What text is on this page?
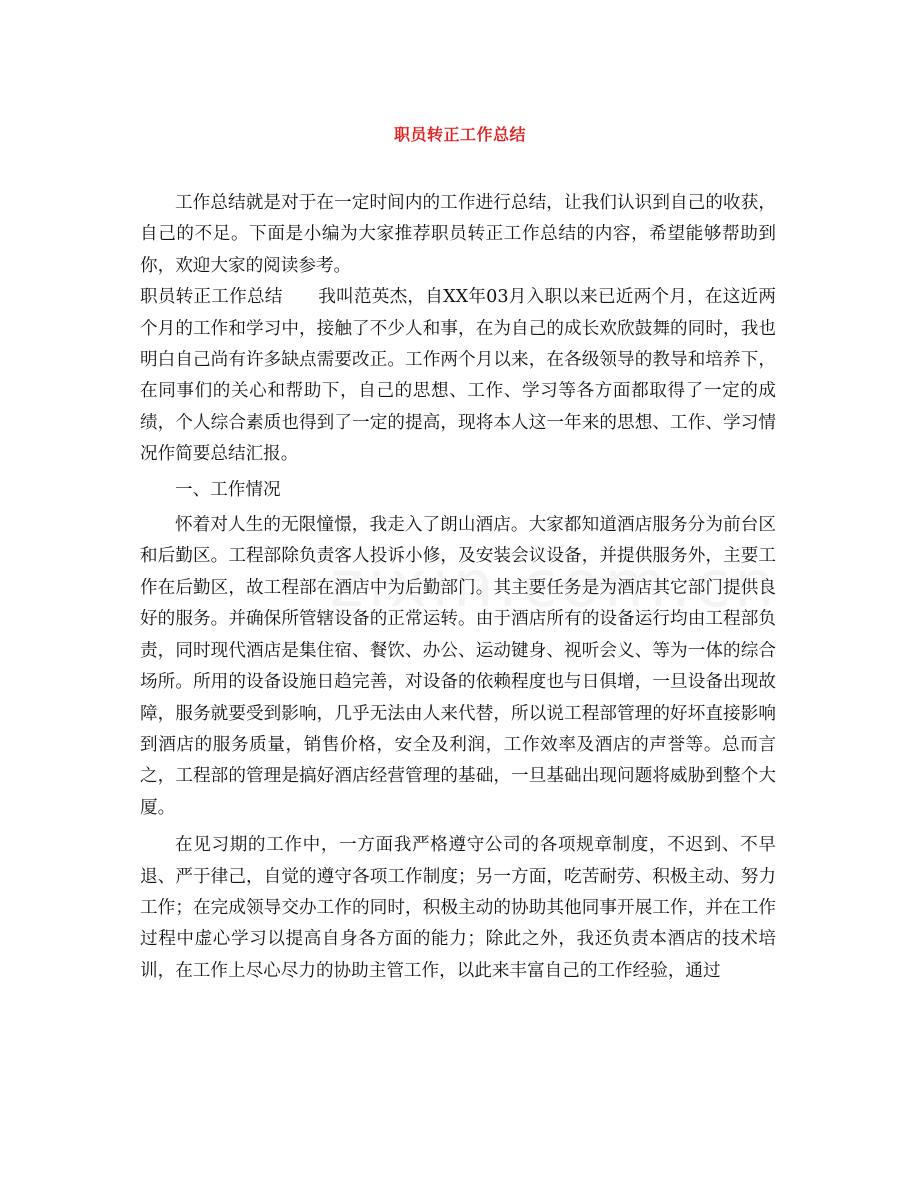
职员转正工作总结

工作总结就是对于在一定时间内的工作进行总结，让我们认识到自己的收获，自己的不足。下面是小编为大家推荐职员转正工作总结的内容，希望能够帮助到你，欢迎大家的阅读参考。

职员转正工作总结　　我叫范英杰，自XX年03月入职以来已近两个月，在这近两个月的工作和学习中，接触了不少人和事，在为自己的成长欢欣鼓舞的同时，我也明白自己尚有许多缺点需要改正。工作两个月以来，在各级领导的教导和培养下，在同事们的关心和帮助下，自己的思想、工作、学习等各方面都取得了一定的成绩，个人综合素质也得到了一定的提高，现将本人这一年来的思想、工作、学习情况作简要总结汇报。

一、工作情况

怀着对人生的无限憧憬，我走入了朗山酒店。大家都知道酒店服务分为前台区和后勤区。工程部除负责客人投诉小修，及安装会议设备，并提供服务外，主要工作在后勤区，故工程部在酒店中为后勤部门。其主要任务是为酒店其它部门提供良好的服务。并确保所管辖设备的正常运转。由于酒店所有的设备运行均由工程部负责，同时现代酒店是集住宿、餐饮、办公、运动键身、视听会义、等为一体的综合场所。所用的设备设施日趋完善，对设备的依赖程度也与日俱增，一旦设备出现故障，服务就要受到影响，几乎无法由人来代替，所以说工程部管理的好坏直接影响到酒店的服务质量，销售价格，安全及利润，工作效率及酒店的声誉等。总而言之，工程部的管理是搞好酒店经营管理的基础，一旦基础出现问题将威胁到整个大厦。

在见习期的工作中，一方面我严格遵守公司的各项规章制度，不迟到、不早退、严于律己，自觉的遵守各项工作制度；另一方面，吃苦耐劳、积极主动、努力工作；在完成领导交办工作的同时，积极主动的协助其他同事开展工作，并在工作过程中虚心学习以提高自身各方面的能力；除此之外，我还负责本酒店的技术培训，在工作上尽心尽力的协助主管工作，以此来丰富自己的工作经验，通过
